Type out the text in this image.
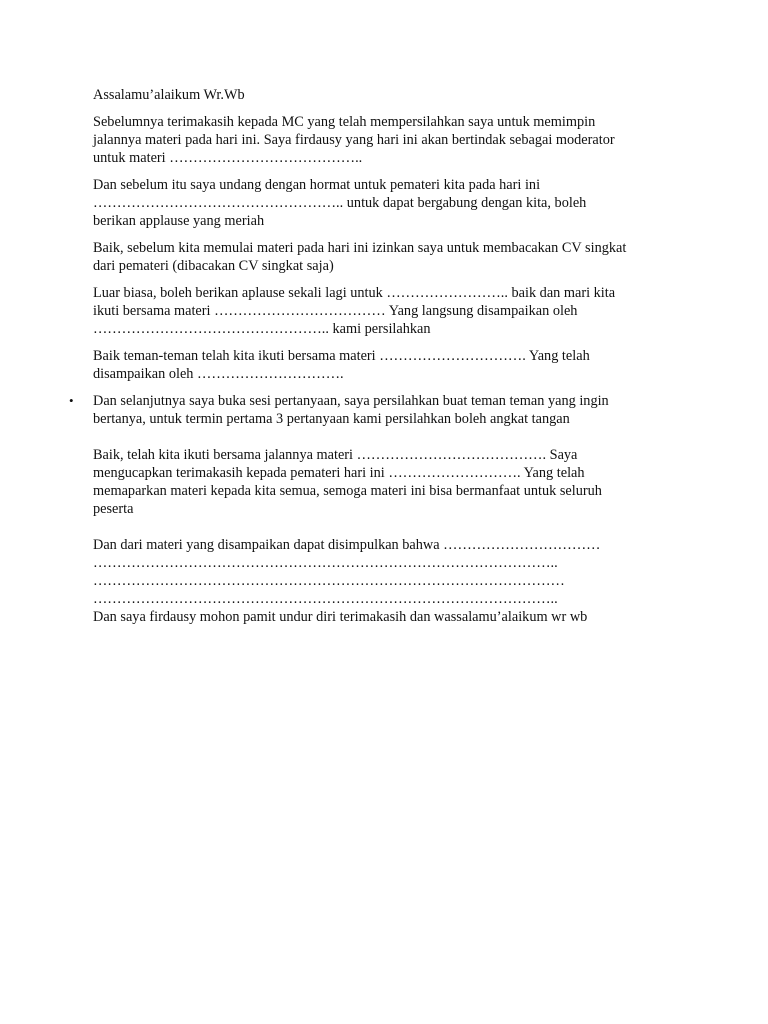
Assalamu’alaikum Wr.Wb

Sebelumnya terimakasih kepada MC yang telah mempersilahkan saya untuk memimpin
jalannya materi pada hari ini. Saya firdausy yang hari ini akan bertindak sebagai moderator
untuk materi …………………………………..

Dan sebelum itu saya undang dengan hormat untuk pemateri kita pada hari ini
…………………………………………….. untuk dapat bergabung dengan kita, boleh
berikan applause yang meriah

Baik, sebelum kita memulai materi pada hari ini izinkan saya untuk membacakan CV singkat
dari pemateri (dibacakan CV singkat saja)

Luar biasa, boleh berikan aplause sekali lagi untuk …………………….. baik dan mari kita
ikuti bersama materi ……………………………… Yang langsung disampaikan oleh
………………………………………….. kami persilahkan

Baik teman-teman telah kita ikuti bersama materi …………………………. Yang telah
disampaikan oleh ………………………….

• Dan selanjutnya saya buka sesi pertanyaan, saya persilahkan buat teman teman yang ingin
bertanya, untuk termin pertama 3 pertanyaan kami persilahkan boleh angkat tangan

Baik, telah kita ikuti bersama jalannya materi …………………………………. Saya
mengucapkan terimakasih kepada pemateri hari ini ………………………. Yang telah
memaparkan materi kepada kita semua, semoga materi ini bisa bermanfaat untuk seluruh
peserta

Dan dari materi yang disampaikan dapat disimpulkan bahwa ……………………………

……………………………………………………………………………………..

………………………………………………………………………………………

……………………………………………………………………………………..

Dan saya firdausy mohon pamit undur diri terimakasih dan wassalamu’alaikum wr wb
